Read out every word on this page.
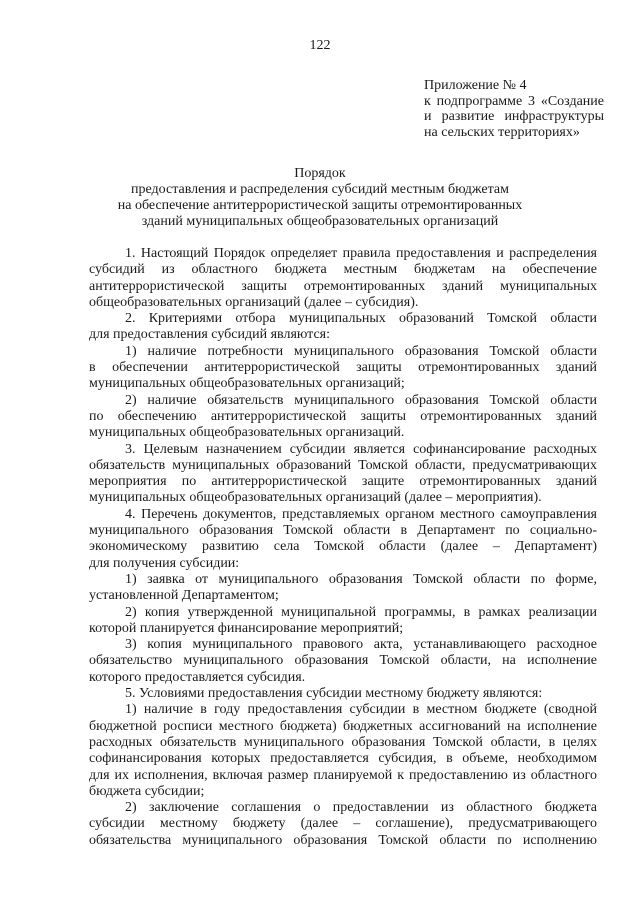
122
Приложение № 4
к подпрограмме 3 «Создание
и развитие инфраструктуры
на сельских территориях»
Порядок
предоставления и распределения субсидий местным бюджетам
на обеспечение антитеррористической защиты отремонтированных
зданий муниципальных общеобразовательных организаций
1. Настоящий Порядок определяет правила предоставления и распределения
субсидий из областного бюджета местным бюджетам на обеспечение
антитеррористической защиты отремонтированных зданий муниципальных
общеобразовательных организаций (далее – субсидия).
2. Критериями отбора муниципальных образований Томской области
для предоставления субсидий являются:
1) наличие потребности муниципального образования Томской области
в обеспечении антитеррористической защиты отремонтированных зданий
муниципальных общеобразовательных организаций;
2) наличие обязательств муниципального образования Томской области
по обеспечению антитеррористической защиты отремонтированных зданий
муниципальных общеобразовательных организаций.
3. Целевым назначением субсидии является софинансирование расходных
обязательств муниципальных образований Томской области, предусматривающих
мероприятия по антитеррористической защите отремонтированных зданий
муниципальных общеобразовательных организаций (далее – мероприятия).
4. Перечень документов, представляемых органом местного самоуправления
муниципального образования Томской области в Департамент по социально-
экономическому развитию села Томской области (далее – Департамент)
для получения субсидии:
1) заявка от муниципального образования Томской области по форме,
установленной Департаментом;
2) копия утвержденной муниципальной программы, в рамках реализации
которой планируется финансирование мероприятий;
3) копия муниципального правового акта, устанавливающего расходное
обязательство муниципального образования Томской области, на исполнение
которого предоставляется субсидия.
5. Условиями предоставления субсидии местному бюджету являются:
1) наличие в году предоставления субсидии в местном бюджете (сводной
бюджетной росписи местного бюджета) бюджетных ассигнований на исполнение
расходных обязательств муниципального образования Томской области, в целях
софинансирования которых предоставляется субсидия, в объеме, необходимом
для их исполнения, включая размер планируемой к предоставлению из областного
бюджета субсидии;
2) заключение соглашения о предоставлении из областного бюджета
субсидии местному бюджету (далее – соглашение), предусматривающего
обязательства муниципального образования Томской области по исполнению
